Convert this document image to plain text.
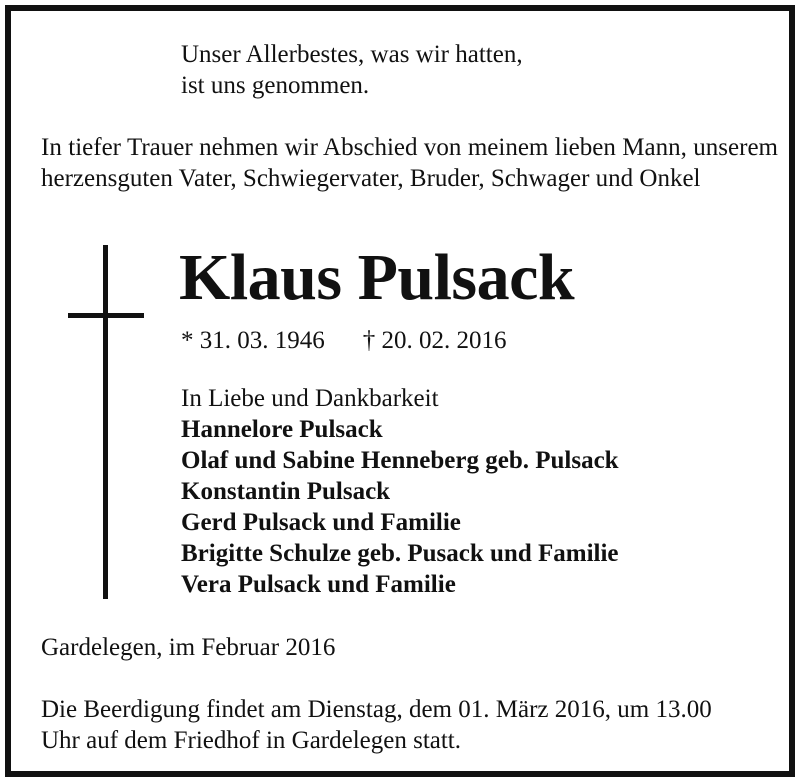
Unser Allerbestes, was wir hatten,
ist uns genommen.
In tiefer Trauer nehmen wir Abschied von meinem lieben Mann, unserem herzensguten Vater, Schwiegervater, Bruder, Schwager und Onkel
Klaus Pulsack
* 31. 03. 1946 † 20. 02. 2016
In Liebe und Dankbarkeit
Hannelore Pulsack
Olaf und Sabine Henneberg geb. Pulsack
Konstantin Pulsack
Gerd Pulsack und Familie
Brigitte Schulze geb. Pusack und Familie
Vera Pulsack und Familie
Gardelegen, im Februar 2016
Die Beerdigung findet am Dienstag, dem 01. März 2016, um 13.00
Uhr auf dem Friedhof in Gardelegen statt.
